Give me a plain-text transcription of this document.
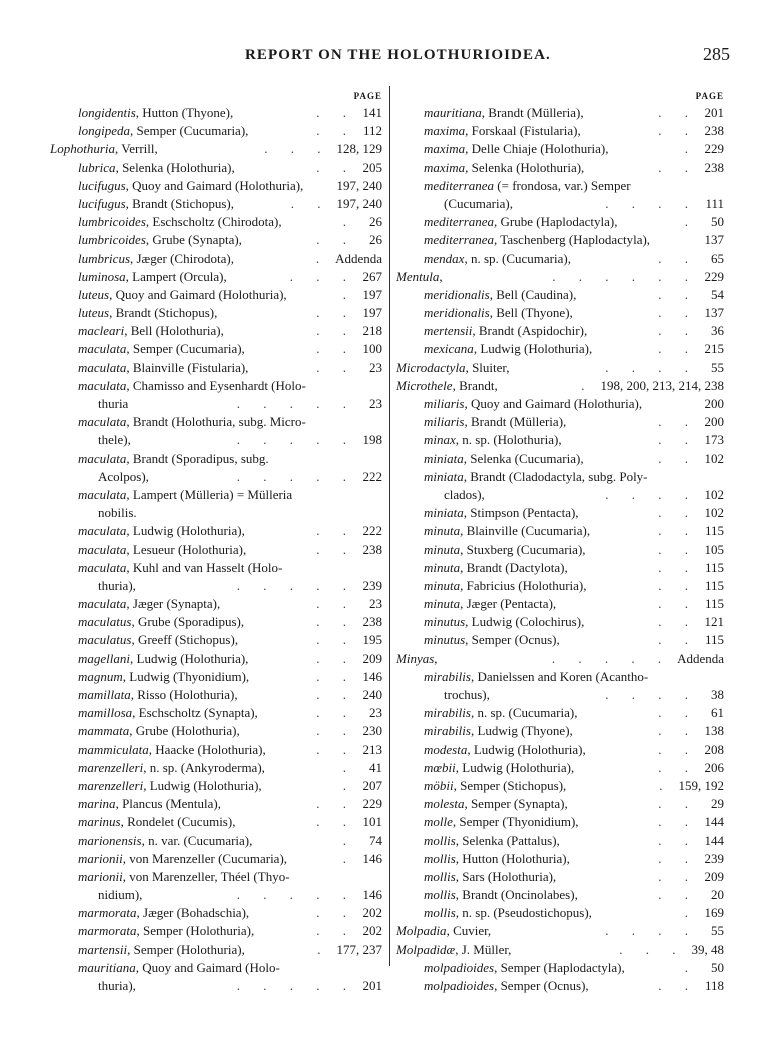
REPORT ON THE HOLOTHURIOIDEA.	285
PAGE
longidentis, Hutton (Thyone),	. . 141
longipeda, Semper (Cucumaria),	. . 112
Lophothuria, Verrill,	. . . 128, 129
lubrica, Selenka (Holothuria),	. . 205
lucifugus, Quoy and Gaimard (Holothuria),	197, 240
lucifugus, Brandt (Stichopus),	. . 197, 240
lumbricoides, Eschscholtz (Chirodota),	.	26
lumbricoides, Grube (Synapta),	. .	26
lumbricus, Jæger (Chirodota),	. Addenda
luminosa, Lampert (Orcula),	. . . 267
luteus, Quoy and Gaimard (Holothuria),	. 197
luteus, Brandt (Stichopus),	. . 197
macleari, Bell (Holothuria),	. . 218
maculata, Semper (Cucumaria),	. . 100
maculata, Blainville (Fistularia),	. .	23
maculata, Chamisso and Eysenhardt (Holo-
thuria	. . . . .	23
maculata, Brandt (Holothuria, subg. Micro-
thele),	. . . . . 198
maculata, Brandt (Sporadipus, subg.
Acolpos),	. . . . . 222
maculata, Lampert (Mülleria) = Mülleria
nobilis.
maculata, Ludwig (Holothuria),	. . 222
maculata, Lesueur (Holothuria),	. . 238
maculata, Kuhl and van Hasselt (Holo-
thuria),	. . . . . 239
maculata, Jæger (Synapta),	. .	23
maculatus, Grube (Sporadipus),	. . 238
maculatus, Greeff (Stichopus),	. . 195
magellani, Ludwig (Holothuria),	. . 209
magnum, Ludwig (Thyonidium),	. . 146
mamillata, Risso (Holothuria),	. . 240
mamillosa, Eschscholtz (Synapta),	. .	23
mammata, Grube (Holothuria),	. . 230
mammiculata, Haacke (Holothuria),	. . 213
marenzelleri, n. sp. (Ankyroderma),	.	41
marenzelleri, Ludwig (Holothuria),	. 207
marina, Plancus (Mentula),	. . 229
marinus, Rondelet (Cucumis),	. . 101
marionensis, n. var. (Cucumaria),	.	74
marionii, von Marenzeller (Cucumaria),	. 146
marionii, von Marenzeller, Théel (Thyo-
nidium),	. . . . . 146
marmorata, Jæger (Bohadschia),	. . 202
marmorata, Semper (Holothuria),	. . 202
martensii, Semper (Holothuria),	. 177, 237
mauritiana, Quoy and Gaimard (Holo-
thuria),	. . . . . 201
PAGE
mauritiana, Brandt (Mülleria),	. . 201
maxima, Forskaal (Fistularia),	. . 238
maxima, Delle Chiaje (Holothuria),	. 229
maxima, Selenka (Holothuria),	. . 238
mediterranea (= frondosa, var.) Semper
(Cucumaria),	. . . . 111
mediterranea, Grube (Haplodactyla),	.	50
mediterranea, Taschenberg (Haplodactyla),	137
mendax, n. sp. (Cucumaria),	. .	65
Mentula,	. . . . . . 229
meridionalis, Bell (Caudina),	. .	54
meridionalis, Bell (Thyone),	. . 137
mertensii, Brandt (Aspidochir),	. .	36
mexicana, Ludwig (Holothuria),	. . 215
Microdactyla, Sluiter,	. . . .	55
Microthele, Brandt,	. 198, 200, 213, 214, 238
miliaris, Quoy and Gaimard (Holothuria),	200
miliaris, Brandt (Mülleria),	. . 200
minax, n. sp. (Holothuria),	. . 173
miniata, Selenka (Cucumaria),	. . 102
miniata, Brandt (Cladodactyla, subg. Poly-
clados),	. . . . 102
miniata, Stimpson (Pentacta),	. . 102
minuta, Blainville (Cucumaria),	. . 115
minuta, Stuxberg (Cucumaria),	. . 105
minuta, Brandt (Dactylota),	. . 115
minuta, Fabricius (Holothuria),	. . 115
minuta, Jæger (Pentacta),	. . 115
minutus, Ludwig (Colochirus),	. . 121
minutus, Semper (Ocnus),	. . 115
Minyas,	. . . . . Addenda
mirabilis, Danielssen and Koren (Acantho-
trochus),	. . . .	38
mirabilis, n. sp. (Cucumaria),	. .	61
mirabilis, Ludwig (Thyone),	. . 138
modesta, Ludwig (Holothuria),	. . 208
mœbii, Ludwig (Holothuria),	. . 206
möbii, Semper (Stichopus),	. 159, 192
molesta, Semper (Synapta),	. .	29
molle, Semper (Thyonidium),	. . 144
mollis, Selenka (Pattalus),	. . 144
mollis, Hutton (Holothuria),	. . 239
mollis, Sars (Holothuria),	. . 209
mollis, Brandt (Oncinolabes),	. .	20
mollis, n. sp. (Pseudostichopus),	. 169
Molpadia, Cuvier,	. . . .	55
Molpadidæ, J. Müller,	. . . 39, 48
molpadioides, Semper (Haplodactyla),	.	50
molpadioides, Semper (Ocnus),	. . 118
